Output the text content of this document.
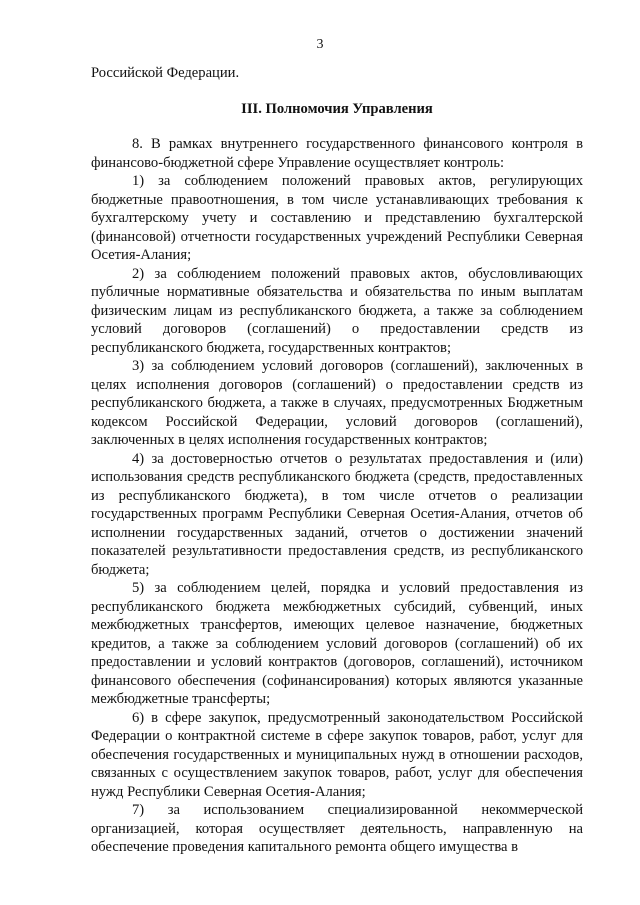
3

Российской Федерации.

III. Полномочия Управления

8. В рамках внутреннего государственного финансового контроля в финансово-бюджетной сфере Управление осуществляет контроль:

1) за соблюдением положений правовых актов, регулирующих бюджетные правоотношения, в том числе устанавливающих требования к бухгалтерскому учету и составлению и представлению бухгалтерской (финансовой) отчетности государственных учреждений Республики Северная Осетия-Алания;

2) за соблюдением положений правовых актов, обусловливающих публичные нормативные обязательства и обязательства по иным выплатам физическим лицам из республиканского бюджета, а также за соблюдением условий договоров (соглашений) о предоставлении средств из республиканского бюджета, государственных контрактов;

3) за соблюдением условий договоров (соглашений), заключенных в целях исполнения договоров (соглашений) о предоставлении средств из республиканского бюджета, а также в случаях, предусмотренных Бюджетным кодексом Российской Федерации, условий договоров (соглашений), заключенных в целях исполнения государственных контрактов;

4) за достоверностью отчетов о результатах предоставления и (или) использования средств республиканского бюджета (средств, предоставленных из республиканского бюджета), в том числе отчетов о реализации государственных программ Республики Северная Осетия-Алания, отчетов об исполнении государственных заданий, отчетов о достижении значений показателей результативности предоставления средств, из республиканского бюджета;

5) за соблюдением целей, порядка и условий предоставления из республиканского бюджета межбюджетных субсидий, субвенций, иных межбюджетных трансфертов, имеющих целевое назначение, бюджетных кредитов, а также за соблюдением условий договоров (соглашений) об их предоставлении и условий контрактов (договоров, соглашений), источником финансового обеспечения (софинансирования) которых являются указанные межбюджетные трансферты;

6) в сфере закупок, предусмотренный законодательством Российской Федерации о контрактной системе в сфере закупок товаров, работ, услуг для обеспечения государственных и муниципальных нужд в отношении расходов, связанных с осуществлением закупок товаров, работ, услуг для обеспечения нужд Республики Северная Осетия-Алания;

7) за использованием специализированной некоммерческой организацией, которая осуществляет деятельность, направленную на обеспечение проведения капитального ремонта общего имущества в
